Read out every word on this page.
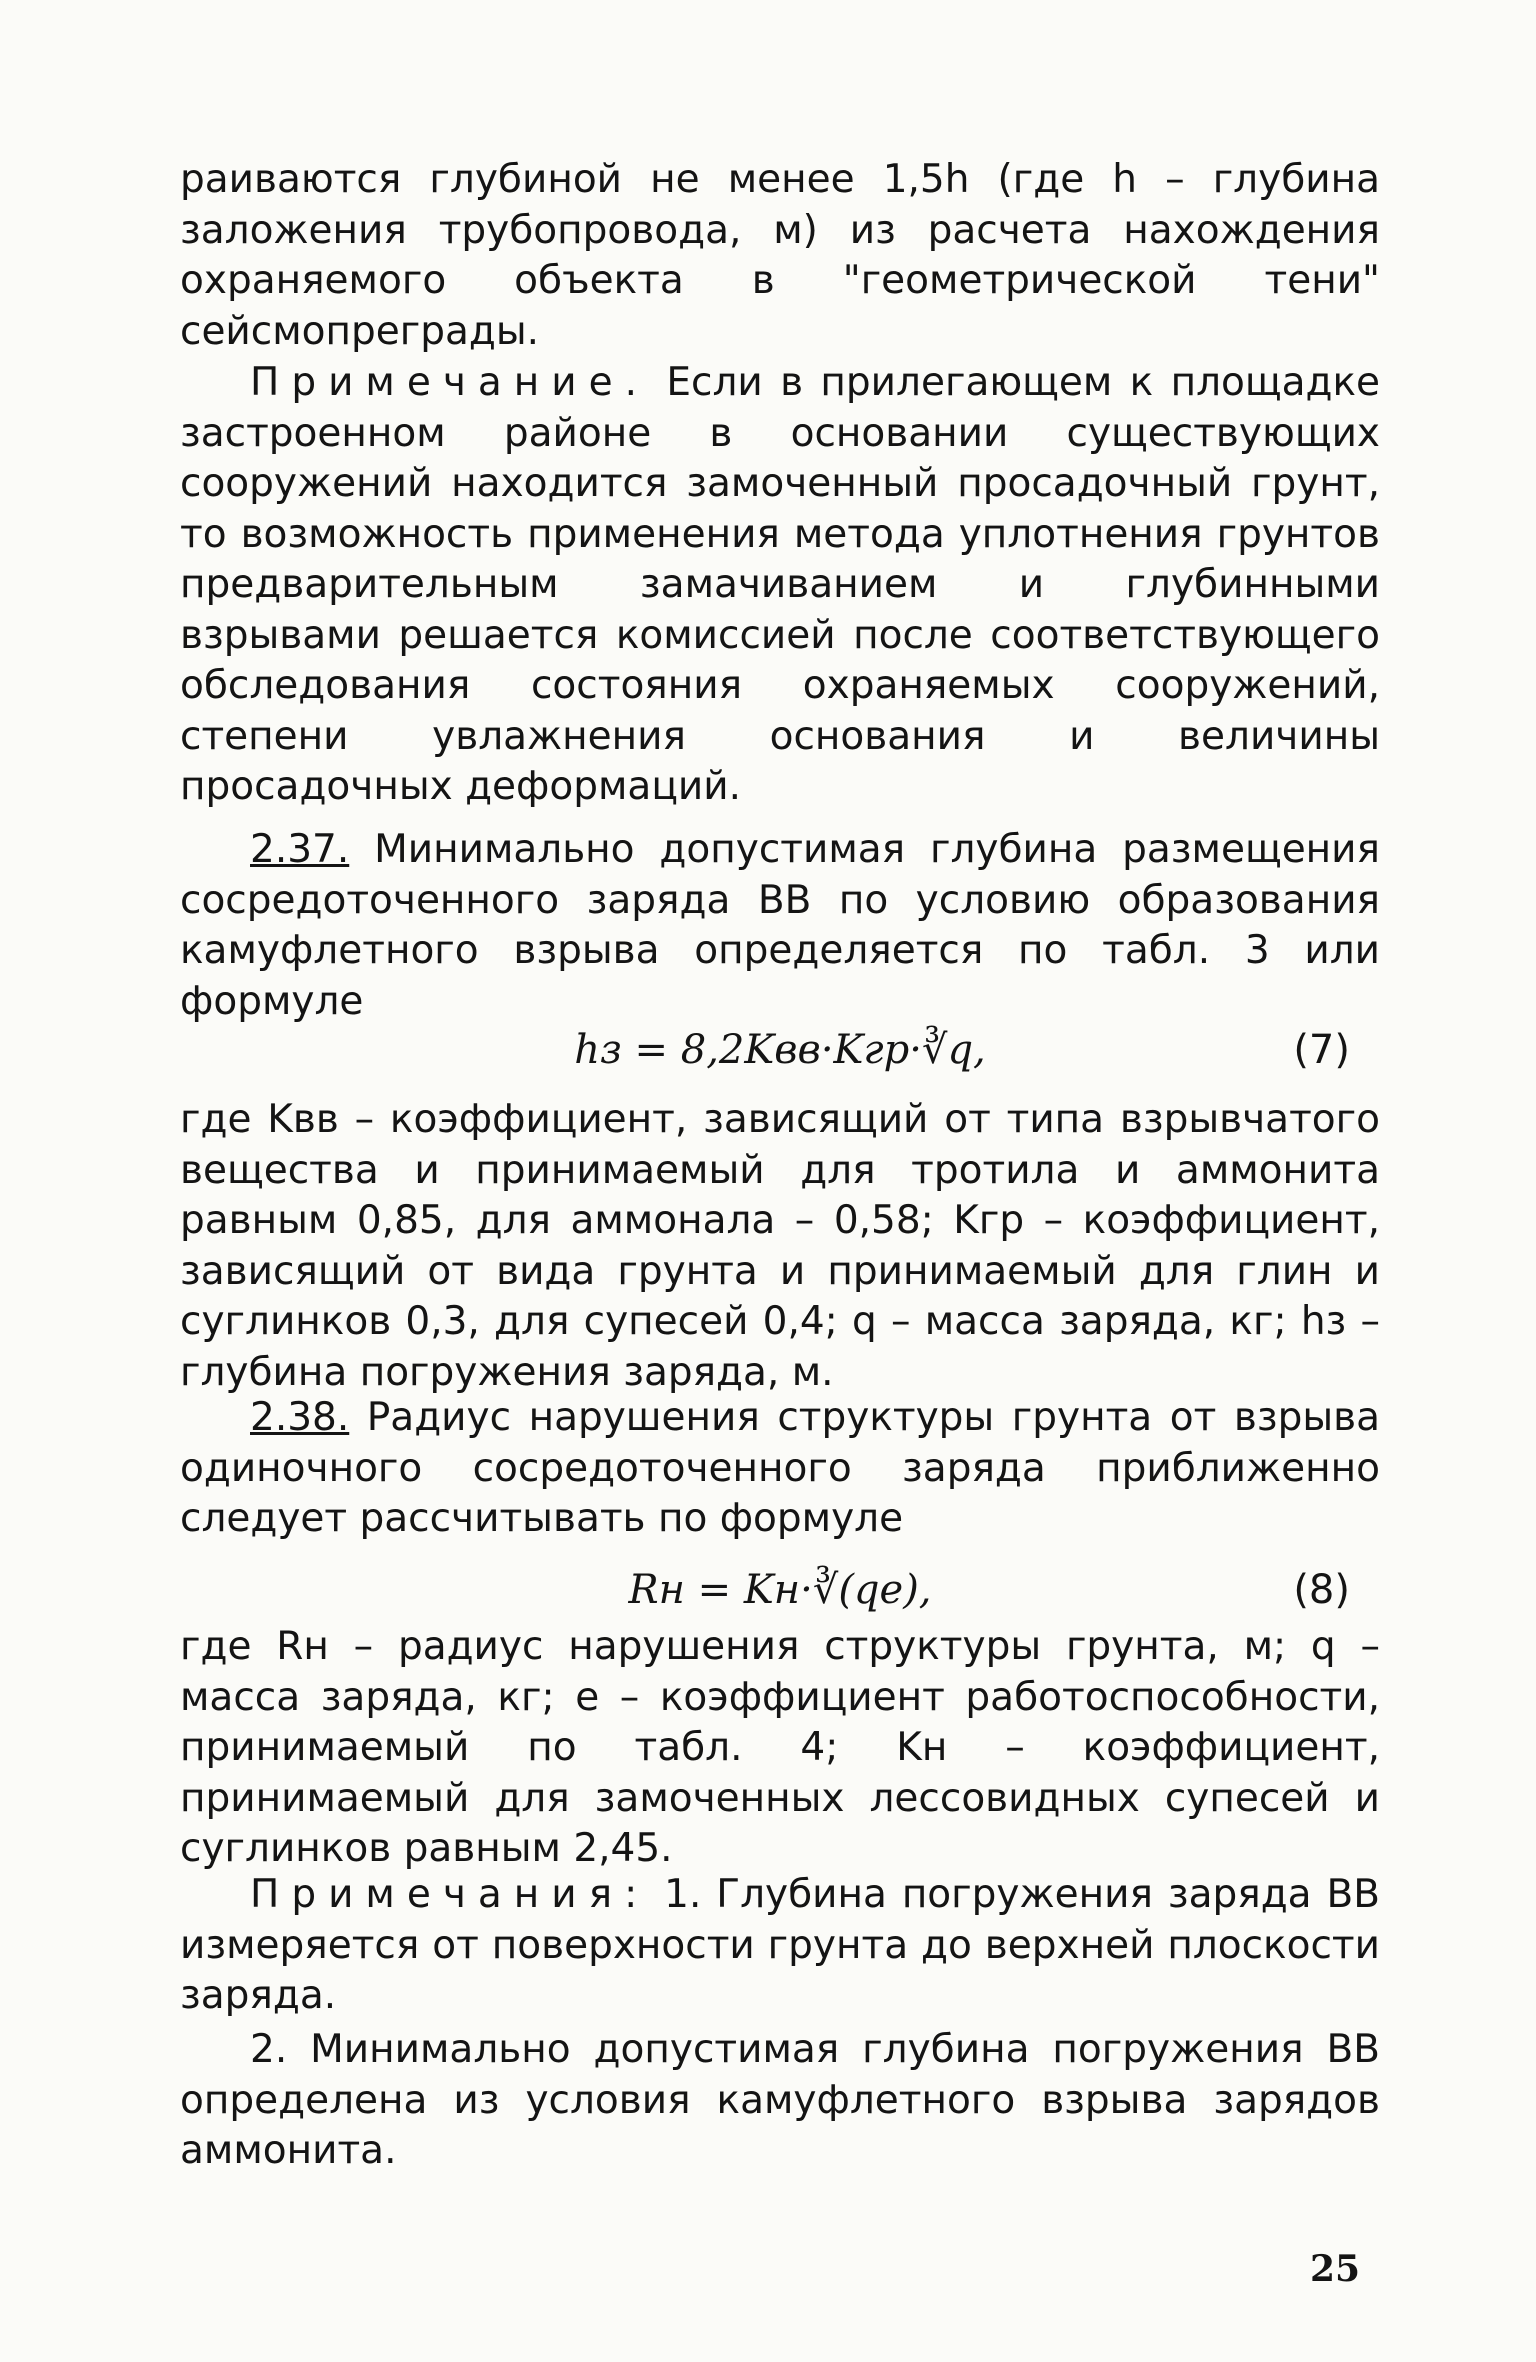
раиваются глубиной не менее 1,5h (где h – глубина заложения трубопровода, м) из расчета нахождения охраняемого объекта в "геометрической тени" сейсмопреграды.

Примечание. Если в прилегающем к площадке застроенном районе в основании существующих сооружений находится замоченный просадочный грунт, то возможность применения метода уплотнения грунтов предварительным замачиванием и глубинными взрывами решается комиссией после соответствующего обследования состояния охраняемых сооружений, степени увлажнения основания и величины просадочных деформаций.

2.37. Минимально допустимая глубина размещения сосредоточенного заряда ВВ по условию образования камуфлетного взрыва определяется по табл. 3 или формуле

hз = 8,2Kвв·Kгр·∛q,	(7)

где Kвв – коэффициент, зависящий от типа взрывчатого вещества и принимаемый для тротила и аммонита равным 0,85, для аммонала – 0,58; Kгр – коэффициент, зависящий от вида грунта и принимаемый для глин и суглинков 0,3, для супесей 0,4; q – масса заряда, кг; hз – глубина погружения заряда, м.

2.38. Радиус нарушения структуры грунта от взрыва одиночного сосредоточенного заряда приближенно следует рассчитывать по формуле

Rн = Kн·∛(qe),	(8)

где Rн – радиус нарушения структуры грунта, м; q – масса заряда, кг; e – коэффициент работоспособности, принимаемый по табл. 4; Kн – коэффициент, принимаемый для замоченных лессовидных супесей и суглинков равным 2,45.

Примечания: 1. Глубина погружения заряда ВВ измеряется от поверхности грунта до верхней плоскости заряда.

2. Минимально допустимая глубина погружения ВВ определена из условия камуфлетного взрыва зарядов аммонита.

25
